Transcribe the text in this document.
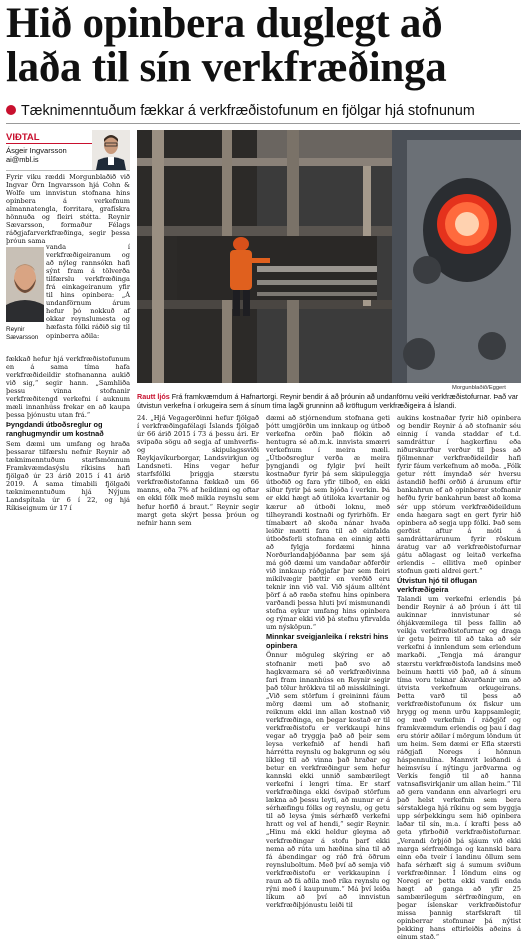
Hið opinbera duglegt að laða til sín verkfræðinga
Tæknimenntuðum fækkar á verkfræðistofunum en fjölgar hjá stofnunum
VIÐTAL
Ásgeir Ingvarsson
ai@mbl.is

Fyrir viku ræddi Morgunblaðið við Ingvar Örn Ingvarsson hjá Cohn & Wolfe um innvistun stofnana hins opinbera á verkefnum almannatengla, forritara, grafískra hönnuða og fleiri stétta. Reynir Sævarsson, formaður Félags ráðgjafarverkfræðinga, segir þessa þróun sama

Reynir Sævarsson

vanda í verkfræðigeiranum og að nýleg rannsókn hafi sýnt fram á tölverða tilfærslu verkfræðinga frá einkageiranum yfir til hins opinbera: „Á undanförnum árum hefur þó nokkuð af okkar reynslumesta og hæfasta fólki ráðið sig til opinberra aðila:

fækkað hefur hjá verkfræðistofunum en á sama tíma hafa verkfræðideildir stofnananna aukið við sig,“ segir hann. „Samhliða þessu vinna stofnanir verkfræðitengd verkefni í auknum mæli innanhúss frekar en að kaupa þessa þjónustu utan frá.“

Þyngdandi útboðsreglur og ranghugmyndir um kostnað

Sem dæmi um umfang og hraða þessarar tilfærslu nefnir Reynir að tæknimenntuðum starfsmönnum Framkvæmdasýslu ríkisins hafi fjölgað úr 23 árið 2015 í 41 árið 2019. Á sama tímabili fjölgaði tæknimenntuðum hjá Nýjum Landspítala úr 6 í 22, og hjá Ríkiseignum úr 17 í

Morgunblaðið/Eggert
Rautt ljós Frá framkvæmdum á Hafnartorgi. Reynir bendir á að þróunin að undanförnu veiki verkfræðistofurnar. Það var útvistun verkefna í orkugeira sem á sínum tíma lagði grunninn að kröftugum verkfræðigeira á Íslandi.

24. „Hjá Vegagerðinni hefur fjölgað í verkfræðingafélagi Íslands fjölgað úr 66 árið 2015 í 73 á þessu ári. Er svipaða sögu að segja af umhverfis- og skipulagssviði Reykjavíkurborgar, Landsvirkjun og Landsneti. Hins vegar hefur starfsfólki þriggja stærstu verkfræðistofanna fækkað um 66 manns, eða 7% af heildinni og oftar en ekki fólk með mikla reynslu sem hefur horfið á braut.“ Reynir segir margt geta skýrt þessa þróun og nefnir hann sem

dæmi að stjórnendum stofnana geti þótt umgjörðin um innkaup og útboð verkefna orðin það flókin að hentugra sé að.m.k. innvista smærri verkefnum í meira mæli. „Útboðsreglur verða æ meira þyngjandi og fylgir því heilt kostnaður fyrir þá sem skipuleggja útboðið og fara yfir tilboð, en ekki síður fyrir þá sem bjóða í verkin. Þá er ekki hægt að útiloka kvartanir og kærur að útboði loknu, með tilheyrandi kostnaði og fyrirhöfn. Er tímabært að skoða nánar hvaða leiðir mætti fara til að einfalda útboðsferli stofnana en einnig ætti að fylgja fordæmi hinna Norðurlandaþjóðanna þar sem sjá má góð dæmi um vandaðar aðferðir við innkaup ráðgjafar þar sem fleiri mikilvægir þættir en verðið eru teknir inn við val. Við sjáum alltént þörf á að ræða stefnu hins opinbera varðandi þessa hluti því mismunandi stefna eykur umfang hins opinbera og rýmar ekki við þá stefnu yfirvalda um nýsköpun.“

Minnkar sveigjanleika í rekstri hins opinbera

Önnur möguleg skýring er að stofnanir meti það svo að hagkvæmara sé að verkfræðivinna fari fram innanhúss en Reynir segir það tölur hrökkva til að misskilningi. „Við sem störfum í greininni fáum mörg dæmi um að stofnanir, reiknum ekki inn allan kostnað við verkfræðinga, en þegar kostað er til verkfræðistofu er verkkaupi hins vegar að tryggja það að þeir sem leysa verkefnið af hendi hafi hárrétta reynslu og bakgrunn og séu líkleg til að vinna það hraðar og betur en verkfræðingur sem hefur kannski ekki unnið sambærilegt verkefni í lengri tíma. Er starf verkfræðinga ekki ósvipað störfum lækna að þessu leyti, að munur er á sérhæfingu fólks og reynslu, og getu til að leysa ýmis sérhæfð verkefni hratt og vel af hendi,“ segir Reynir. „Hinu má ekki heldur gleyma að verkfræðingar á stofu þarf ekki nema að rúta um hæðina sína til að fá ábendingar og ráð frá öðrum reynsluboltum. Með því að semja við verkfræðistofu er verkkaupinn í raun að fá aðila með ríka reynslu og rýni með í kaupunum.“ Má því leiða líkum að því að innvistun verkfræðiþjónustu leiði til

aukins kostnaðar fyrir hið opinbera og bendir Reynir á að stofnanir séu einnig í vanda staddar ef t.d. samdráttur í hagkerfinu eða niðurskurður verður til þess að fjölmennar verkfræðideildir hafi fyrir fáum verkefnum að moða. „Fólk getur rétt ímyndað sér hversu ástandið hefði orðið á árunum eftir bankahrun ef að opinberar stofnanir hefðu fyrir bankahrun bæst að koma sér upp stórum verkfræðideildum enda hægara sagt en gert fyrir hið opinbera að segja upp fólki. Það sem gerðist aftur á móti á samdráttarárunum fyrir röskum áratug var að verkfræðistofurnar gátu aðlagast og leitað verkefna erlendis – ellitlva með opinber stofnun gæti aldrei gert.“

Útvistun hjó til öflugan verkfræðigeira

Talandi um verkefni erlendis þá bendir Reynir á að þróun í átt til aukinnar innvistunar sé óhjákvæmilega til þess fallin að veikja verkfræðistofurnar og draga úr getu þeirra til að taka að sér verkefni á innlendum sem erlendum markaði. „Tengja má árangur stærstu verkfræðistofa landsins með beinum hætti við það, að á sínum tíma voru teknar ákvarðanir um að útvista verkefnum orkugeirans. Þetta varð til þess að verkfræðistofunum óx fiskur um hrygg og menn urðu kappsamlegir, og með verkefnin í ráðgjöf og framkvæmdum erlendis og þau í dag eru stórir aðilar í mörgum löndum út um heim. Sem dæmi er Efla stærsti ráðgjafi Noregs í hönnun háspennulína. Mannvit leiðandi á heimsvísu í nýtingu jarðvarma og Verkís fengið til að hanna vatnsaflsvirkjanir um allan heim.“ Til að gera vandann enn alvarlegri eru það helst verkefnin sem bera sérstaklega hjá ríkinu og sem byggja upp sérþekkingu sem hið opinbera laðar til sín, m.a. í krafti þess að geta yfirboðið verkfræðistofurnar. „Verandi örþjóð þá sjáum við ekki marga sérfræðinga og kannski bara einn eða tveir í landinu öllum sem hafa sérhæft sig á sumum sviðum verkfræðinnar. Í löndum eins og Noregi er þetta ekki vandi enda hægt að ganga að yfir 25 sambærilegum sérfræðingum, en þegar íslenskar verkfræðistofur missa þannig starfskraft til opinberrar stofnunar þá nýtist þekking hans eftirleiðis aðeins á einum stað.“
